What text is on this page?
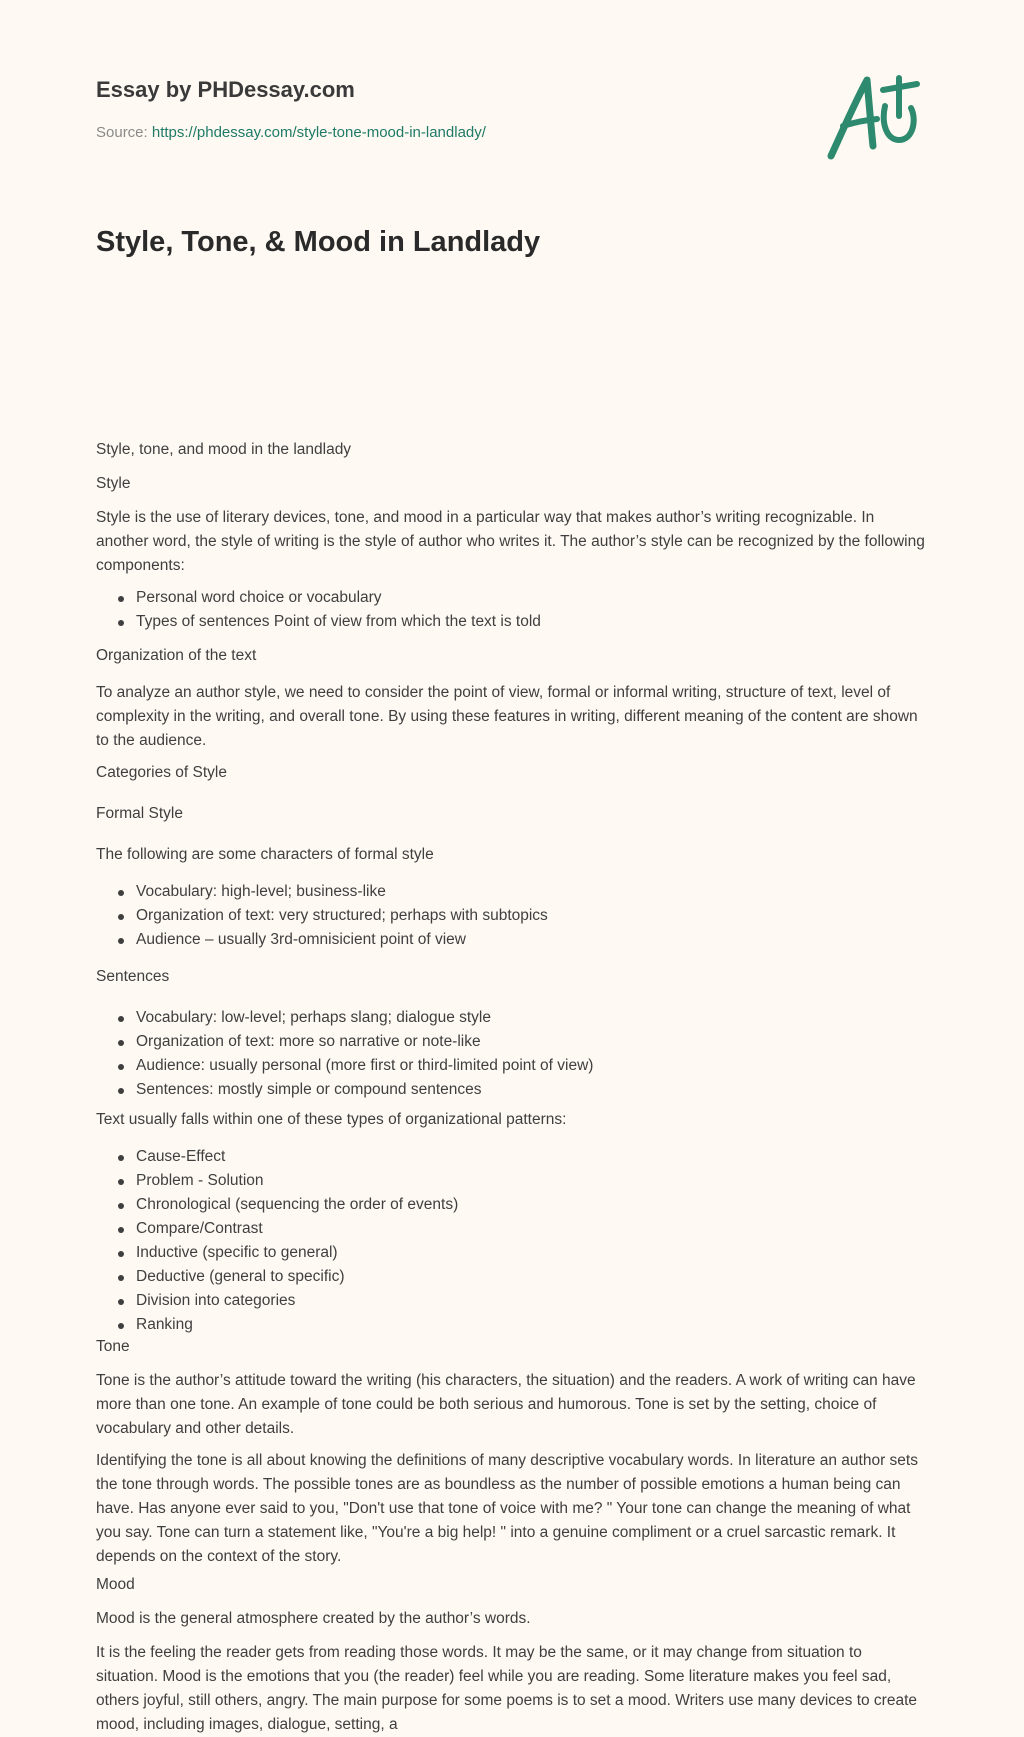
Essay by PHDessay.com
Source: https://phdessay.com/style-tone-mood-in-landlady/
Style, Tone, & Mood in Landlady

Style, tone, and mood in the landlady

Style

Style is the use of literary devices, tone, and mood in a particular way that makes author’s writing recognizable. In another word, the style of writing is the style of author who writes it. The author’s style can be recognized by the following components:

Personal word choice or vocabulary
Types of sentences Point of view from which the text is told

Organization of the text

To analyze an author style, we need to consider the point of view, formal or informal writing, structure of text, level of complexity in the writing, and overall tone. By using these features in writing, different meaning of the content are shown to the audience.

Categories of Style

Formal Style

The following are some characters of formal style

Vocabulary: high-level; business-like
Organization of text: very structured; perhaps with subtopics
Audience – usually 3rd-omnisicient point of view

Sentences

Vocabulary: low-level; perhaps slang; dialogue style
Organization of text: more so narrative or note-like
Audience: usually personal (more first or third-limited point of view)
Sentences: mostly simple or compound sentences

Text usually falls within one of these types of organizational patterns:

Cause-Effect
Problem - Solution
Chronological (sequencing the order of events)
Compare/Contrast
Inductive (specific to general)
Deductive (general to specific)
Division into categories
Ranking

Tone

Tone is the author’s attitude toward the writing (his characters, the situation) and the readers. A work of writing can have more than one tone. An example of tone could be both serious and humorous. Tone is set by the setting, choice of vocabulary and other details.

Identifying the tone is all about knowing the definitions of many descriptive vocabulary words. In literature an author sets the tone through words. The possible tones are as boundless as the number of possible emotions a human being can have. Has anyone ever said to you, "Don't use that tone of voice with me? " Your tone can change the meaning of what you say. Tone can turn a statement like, "You're a big help! " into a genuine compliment or a cruel sarcastic remark. It depends on the context of the story.

Mood

Mood is the general atmosphere created by the author’s words.

It is the feeling the reader gets from reading those words. It may be the same, or it may change from situation to situation. Mood is the emotions that you (the reader) feel while you are reading. Some literature makes you feel sad, others joyful, still others, angry. The main purpose for some poems is to set a mood. Writers use many devices to create mood, including images, dialogue, setting, a
